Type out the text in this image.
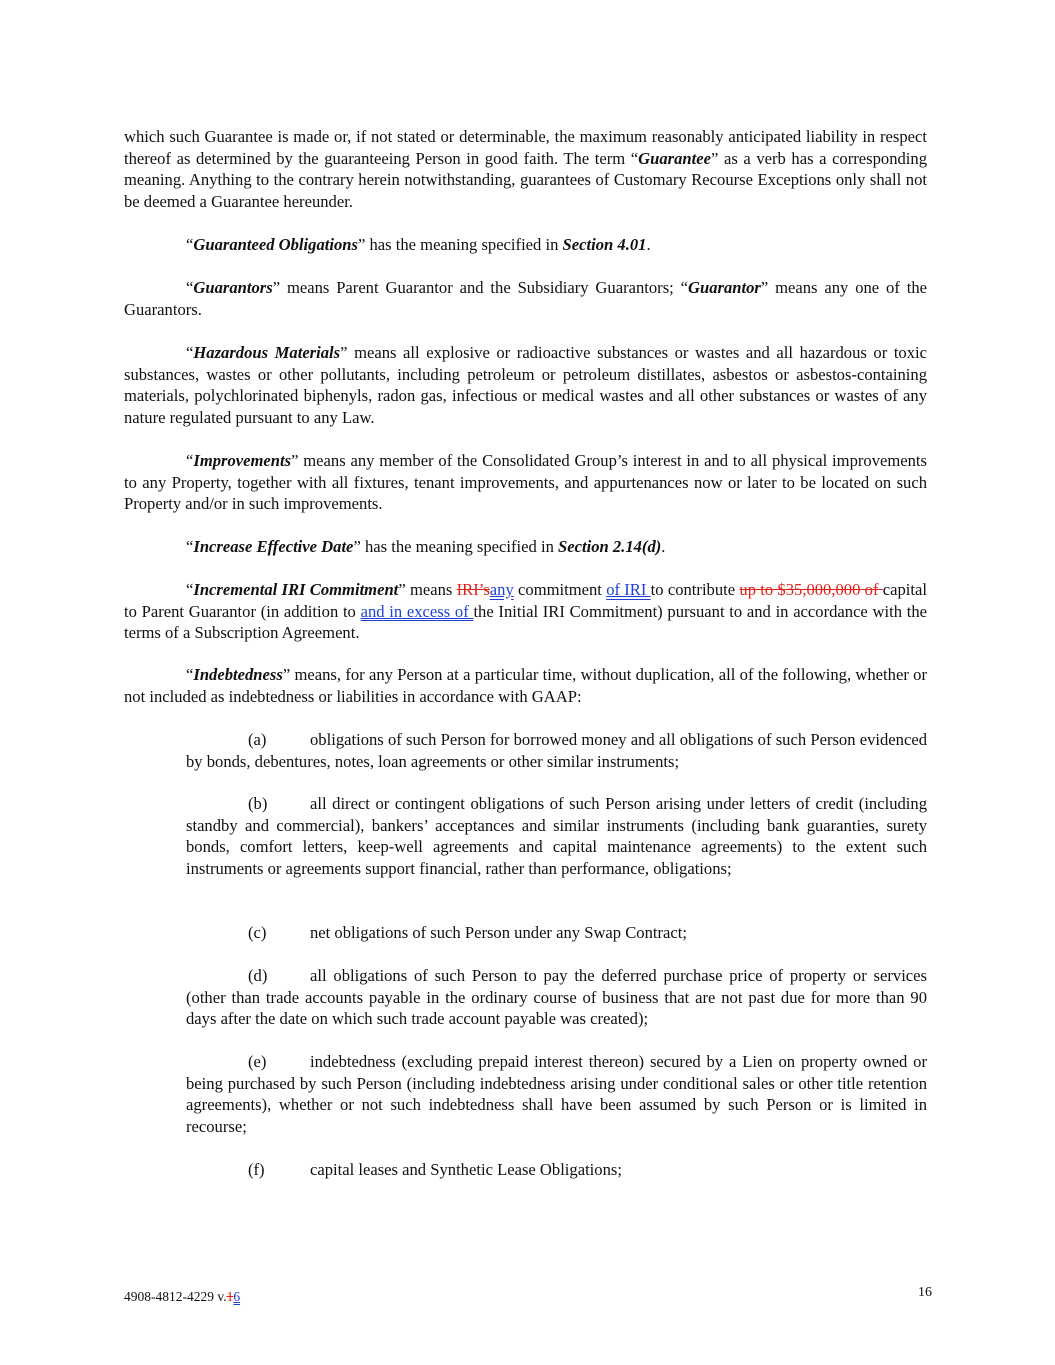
which such Guarantee is made or, if not stated or determinable, the maximum reasonably anticipated liability in respect thereof as determined by the guaranteeing Person in good faith. The term “Guarantee” as a verb has a corresponding meaning. Anything to the contrary herein notwithstanding, guarantees of Customary Recourse Exceptions only shall not be deemed a Guarantee hereunder.

“Guaranteed Obligations” has the meaning specified in Section 4.01.

“Guarantors” means Parent Guarantor and the Subsidiary Guarantors; “Guarantor” means any one of the Guarantors.

“Hazardous Materials” means all explosive or radioactive substances or wastes and all hazardous or toxic substances, wastes or other pollutants, including petroleum or petroleum distillates, asbestos or asbestos-containing materials, polychlorinated biphenyls, radon gas, infectious or medical wastes and all other substances or wastes of any nature regulated pursuant to any Law.

“Improvements” means any member of the Consolidated Group’s interest in and to all physical improvements to any Property, together with all fixtures, tenant improvements, and appurtenances now or later to be located on such Property and/or in such improvements.

“Increase Effective Date” has the meaning specified in Section 2.14(d).

“Incremental IRI Commitment” means IRI’sany commitment of IRI to contribute up to $35,000,000 of capital to Parent Guarantor (in addition to and in excess of the Initial IRI Commitment) pursuant to and in accordance with the terms of a Subscription Agreement.

“Indebtedness” means, for any Person at a particular time, without duplication, all of the following, whether or not included as indebtedness or liabilities in accordance with GAAP:

(a)	obligations of such Person for borrowed money and all obligations of such Person evidenced by bonds, debentures, notes, loan agreements or other similar instruments;

(b)	all direct or contingent obligations of such Person arising under letters of credit (including standby and commercial), bankers’ acceptances and similar instruments (including bank guaranties, surety bonds, comfort letters, keep-well agreements and capital maintenance agreements) to the extent such instruments or agreements support financial, rather than performance, obligations;

(c)	net obligations of such Person under any Swap Contract;

(d)	all obligations of such Person to pay the deferred purchase price of property or services (other than trade accounts payable in the ordinary course of business that are not past due for more than 90 days after the date on which such trade account payable was created);

(e)	indebtedness (excluding prepaid interest thereon) secured by a Lien on property owned or being purchased by such Person (including indebtedness arising under conditional sales or other title retention agreements), whether or not such indebtedness shall have been assumed by such Person or is limited in recourse;

(f)	capital leases and Synthetic Lease Obligations;

4908-4812-4229 v.16	16
